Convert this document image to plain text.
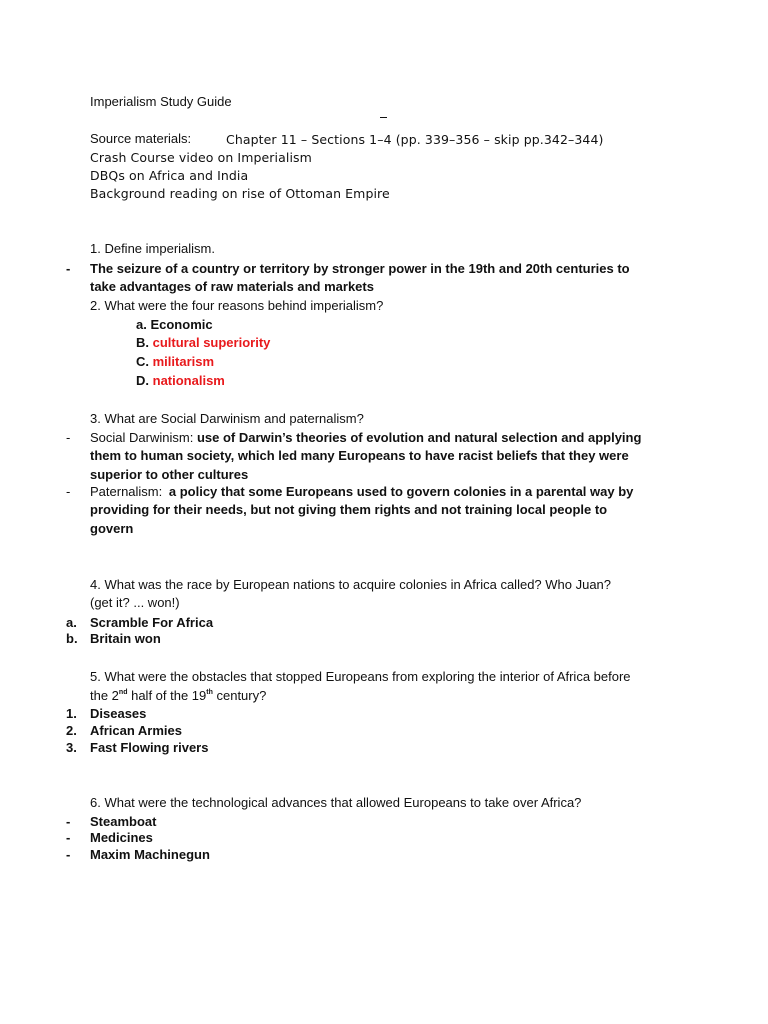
Imperialism Study Guide
Source materials:	Chapter 11 – Sections 1–4 (pp. 339–356 – skip pp.342–344)
Crash Course video on Imperialism
DBQs on Africa and India
Background reading on rise of Ottoman Empire
1. Define imperialism.
- The seizure of a country or territory by stronger power in the 19th and 20th centuries to
take advantages of raw materials and markets
2. What were the four reasons behind imperialism?
a. Economic
B. cultural superiority
C. militarism
D. nationalism
3. What are Social Darwinism and paternalism?
- Social Darwinism: use of Darwin’s theories of evolution and natural selection and applying
them to human society, which led many Europeans to have racist beliefs that they were
superior to other cultures
- Paternalism: a policy that some Europeans used to govern colonies in a parental way by
providing for their needs, but not giving them rights and not training local people to
govern
4. What was the race by European nations to acquire colonies in Africa called? Who Juan?
(get it? ... won!)
a. Scramble For Africa
b. Britain won
5. What were the obstacles that stopped Europeans from exploring the interior of Africa before
the 2nd half of the 19th century?
1. Diseases
2. African Armies
3. Fast Flowing rivers
6. What were the technological advances that allowed Europeans to take over Africa?
- Steamboat
- Medicines
- Maxim Machinegun
